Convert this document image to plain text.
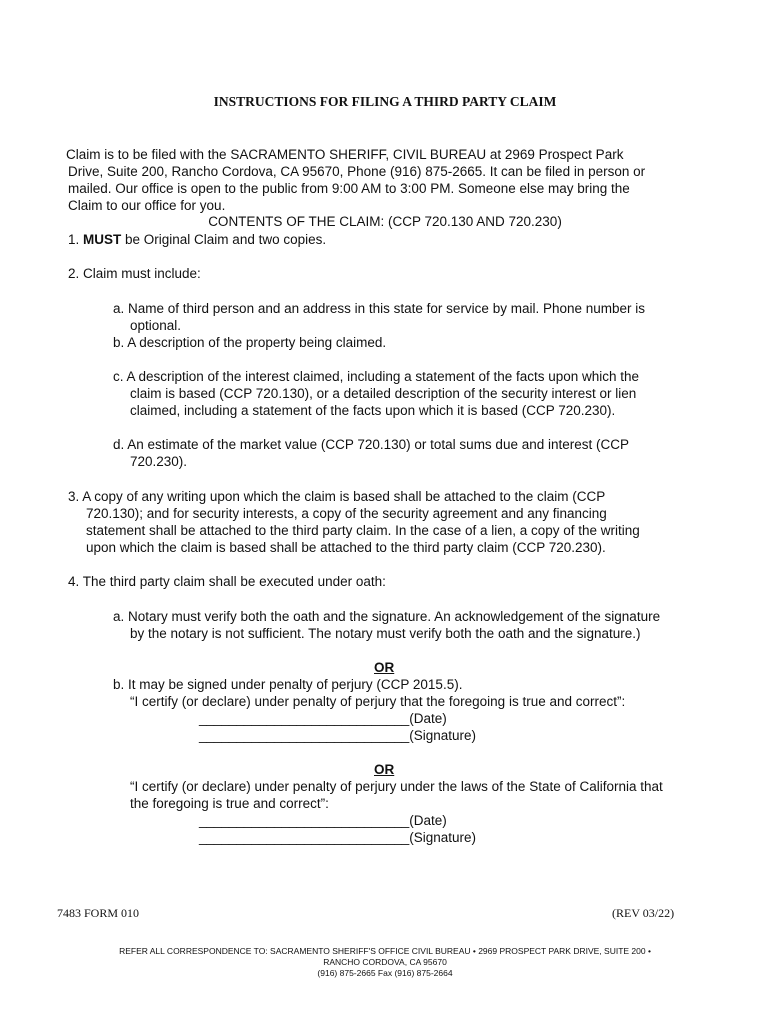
INSTRUCTIONS FOR FILING A THIRD PARTY CLAIM
Claim is to be filed with the SACRAMENTO SHERIFF, CIVIL BUREAU at 2969 Prospect Park
Drive, Suite 200, Rancho Cordova, CA 95670, Phone (916) 875-2665. It can be filed in person or
mailed. Our office is open to the public from 9:00 AM to 3:00 PM. Someone else may bring the
Claim to our office for you.
CONTENTS OF THE CLAIM: (CCP 720.130 AND 720.230)
1. MUST be Original Claim and two copies.
2. Claim must include:
a. Name of third person and an address in this state for service by mail. Phone number is
optional.
b. A description of the property being claimed.
c. A description of the interest claimed, including a statement of the facts upon which the
claim is based (CCP 720.130), or a detailed description of the security interest or lien
claimed, including a statement of the facts upon which it is based (CCP 720.230).
d. An estimate of the market value (CCP 720.130) or total sums due and interest (CCP
720.230).
3. A copy of any writing upon which the claim is based shall be attached to the claim (CCP
720.130); and for security interests, a copy of the security agreement and any financing
statement shall be attached to the third party claim. In the case of a lien, a copy of the writing
upon which the claim is based shall be attached to the third party claim (CCP 720.230).
4. The third party claim shall be executed under oath:
a. Notary must verify both the oath and the signature. An acknowledgement of the signature
by the notary is not sufficient. The notary must verify both the oath and the signature.)
OR
b. It may be signed under penalty of perjury (CCP 2015.5).
“I certify (or declare) under penalty of perjury that the foregoing is true and correct”:
____________________________(Date)
____________________________(Signature)
OR
“I certify (or declare) under penalty of perjury under the laws of the State of California that
the foregoing is true and correct”:
____________________________(Date)
____________________________(Signature)
7483 FORM 010	(REV 03/22)
REFER ALL CORRESPONDENCE TO: SACRAMENTO SHERIFF'S OFFICE CIVIL BUREAU • 2969 PROSPECT PARK DRIVE, SUITE 200 •
RANCHO CORDOVA, CA 95670
(916) 875-2665 Fax (916) 875-2664
